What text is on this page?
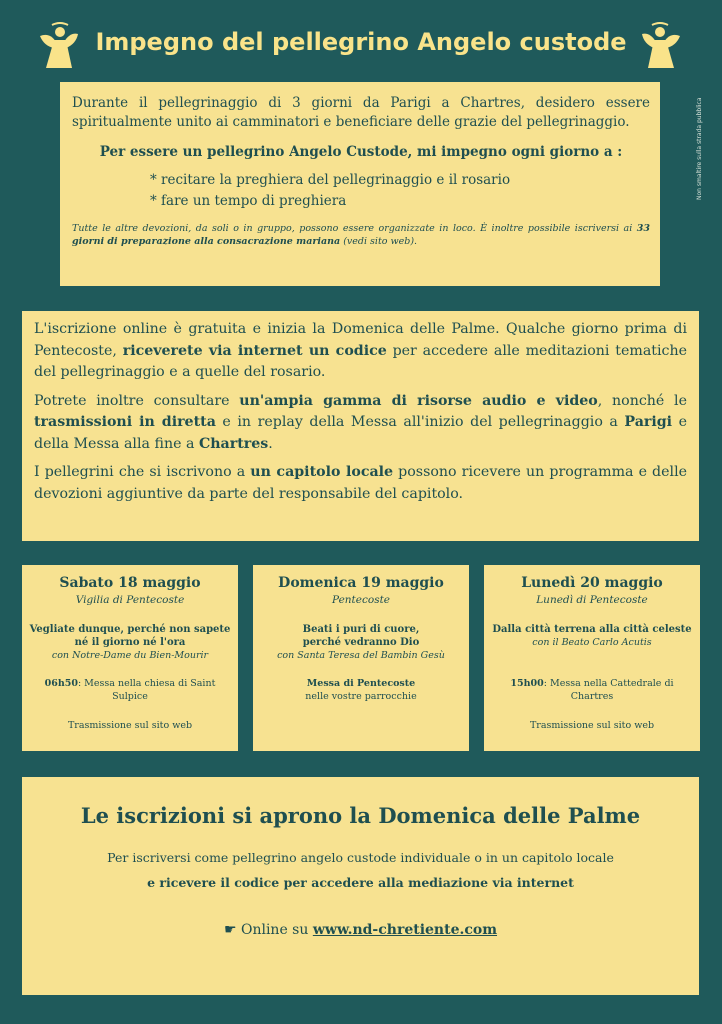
Impegno del pellegrino Angelo custode
Non smaltire sulla strada pubblica

Durante il pellegrinaggio di 3 giorni da Parigi a Chartres, desidero essere spiritualmente unito ai camminatori e beneficiare delle grazie del pellegrinaggio.

Per essere un pellegrino Angelo Custode, mi impegno ogni giorno a :

* recitare la preghiera del pellegrinaggio e il rosario
* fare un tempo di preghiera

Tutte le altre devozioni, da soli o in gruppo, possono essere organizzate in loco. È inoltre possibile iscriversi ai 33 giorni di preparazione alla consacrazione mariana (vedi sito web).

L'iscrizione online è gratuita e inizia la Domenica delle Palme. Qualche giorno prima di Pentecoste, riceverete via internet un codice per accedere alle meditazioni tematiche del pellegrinaggio e a quelle del rosario.

Potrete inoltre consultare un'ampia gamma di risorse audio e video, nonché le trasmissioni in diretta e in replay della Messa all'inizio del pellegrinaggio a Parigi e della Messa alla fine a Chartres.

I pellegrini che si iscrivono a un capitolo locale possono ricevere un programma e delle devozioni aggiuntive da parte del responsabile del capitolo.

Sabato 18 maggio
Vigilia di Pentecoste
Vegliate dunque, perché non sapete
né il giorno né l'ora
con Notre-Dame du Bien-Mourir
06h50: Messa nella chiesa di Saint Sulpice
Trasmissione sul sito web
Domenica 19 maggio
Pentecoste
Beati i puri di cuore,
perché vedranno Dio
con Santa Teresa del Bambin Gesù
Messa di Pentecoste
nelle vostre parrocchie
Lunedì 20 maggio
Lunedì di Pentecoste
Dalla città terrena alla città celeste
con il Beato Carlo Acutis
15h00: Messa nella Cattedrale di Chartres
Trasmissione sul sito web
Le iscrizioni si aprono la Domenica delle Palme
Per iscriversi come pellegrino angelo custode individuale o in un capitolo locale
e ricevere il codice per accedere alla mediazione via internet
☛ Online su www.nd-chretiente.com
